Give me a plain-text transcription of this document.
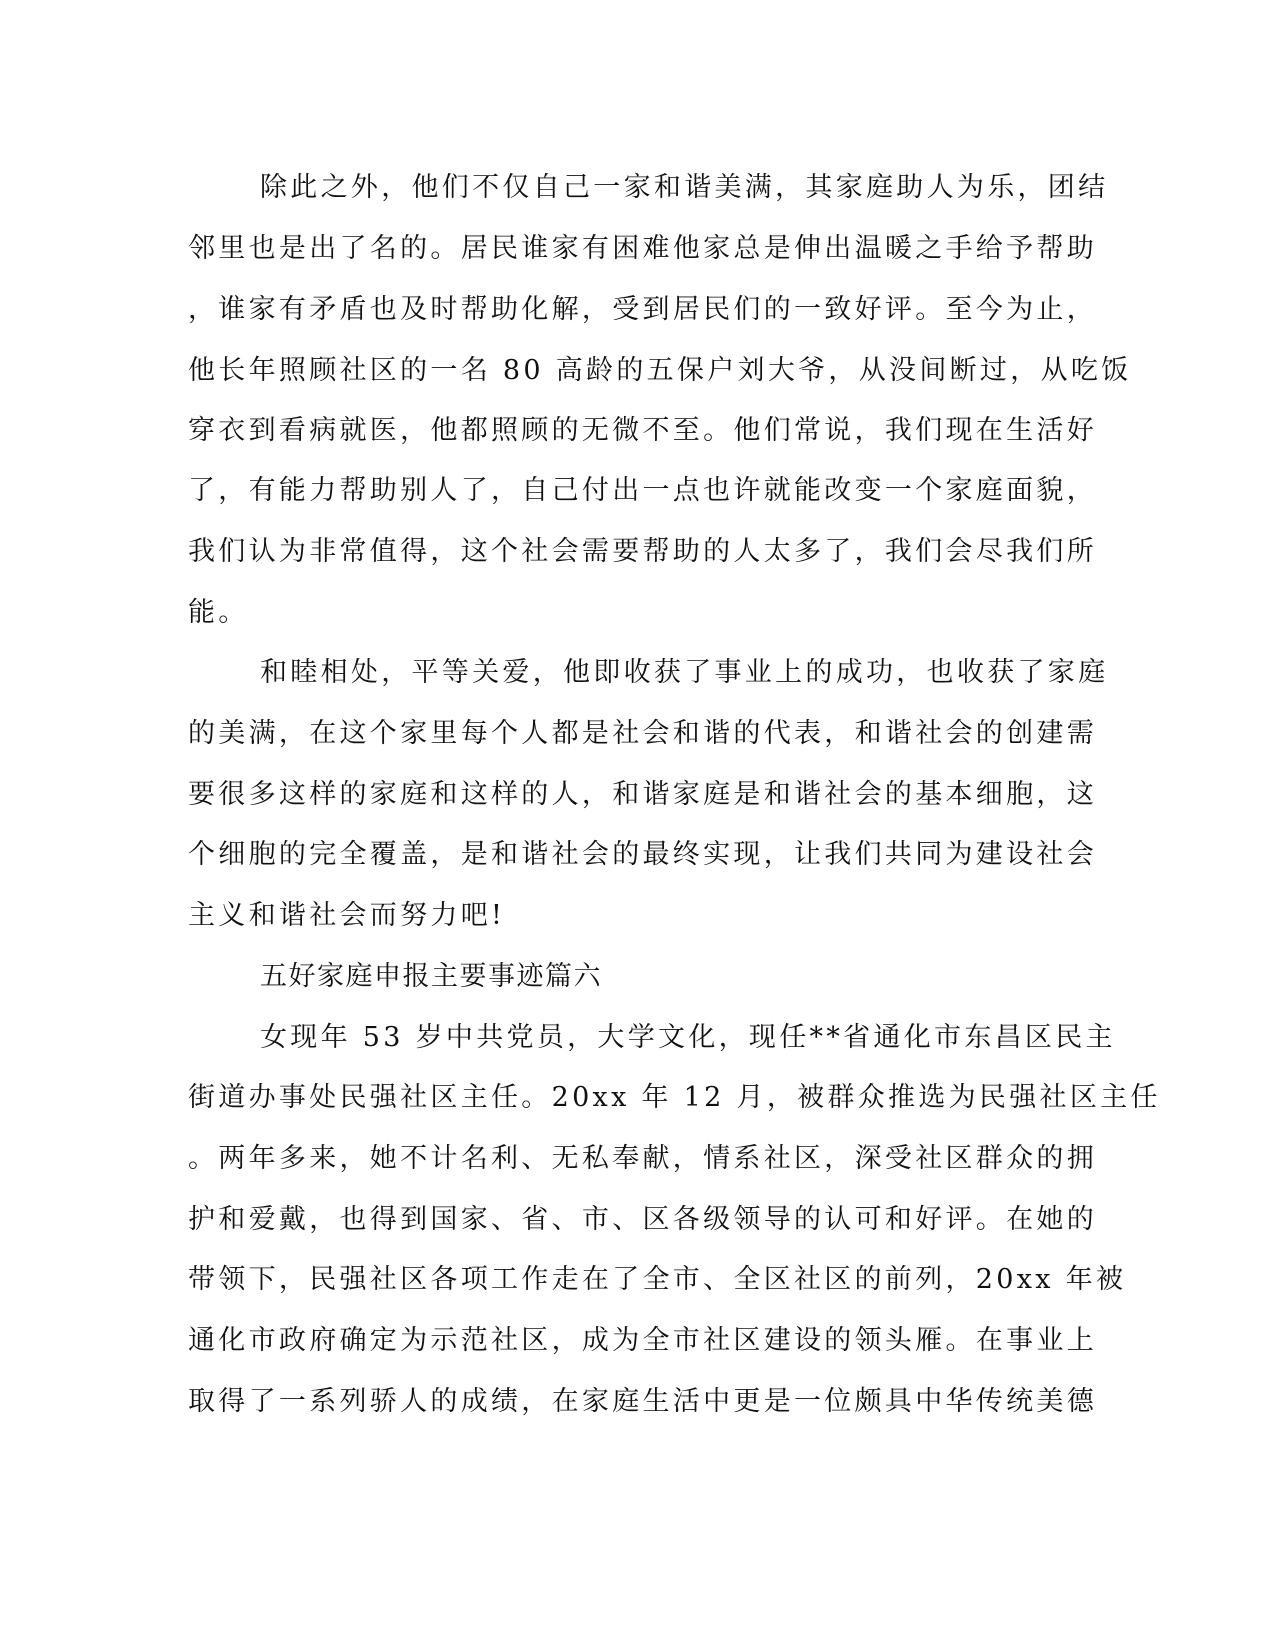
除此之外，他们不仅自己一家和谐美满，其家庭助人为乐，团结

邻里也是出了名的。居民谁家有困难他家总是伸出温暖之手给予帮助

，谁家有矛盾也及时帮助化解，受到居民们的一致好评。至今为止，

他长年照顾社区的一名 80 高龄的五保户刘大爷，从没间断过，从吃饭

穿衣到看病就医，他都照顾的无微不至。他们常说，我们现在生活好

了，有能力帮助别人了，自己付出一点也许就能改变一个家庭面貌，

我们认为非常值得，这个社会需要帮助的人太多了，我们会尽我们所

能。

和睦相处，平等关爱，他即收获了事业上的成功，也收获了家庭

的美满，在这个家里每个人都是社会和谐的代表，和谐社会的创建需

要很多这样的家庭和这样的人，和谐家庭是和谐社会的基本细胞，这

个细胞的完全覆盖，是和谐社会的最终实现，让我们共同为建设社会

主义和谐社会而努力吧!

五好家庭申报主要事迹篇六

女现年 53 岁中共党员，大学文化，现任**省通化市东昌区民主

街道办事处民强社区主任。20xx 年 12 月，被群众推选为民强社区主任

。两年多来，她不计名利、无私奉献，情系社区，深受社区群众的拥

护和爱戴，也得到国家、省、市、区各级领导的认可和好评。在她的

带领下，民强社区各项工作走在了全市、全区社区的前列，20xx 年被

通化市政府确定为示范社区，成为全市社区建设的领头雁。在事业上

取得了一系列骄人的成绩，在家庭生活中更是一位颇具中华传统美德
